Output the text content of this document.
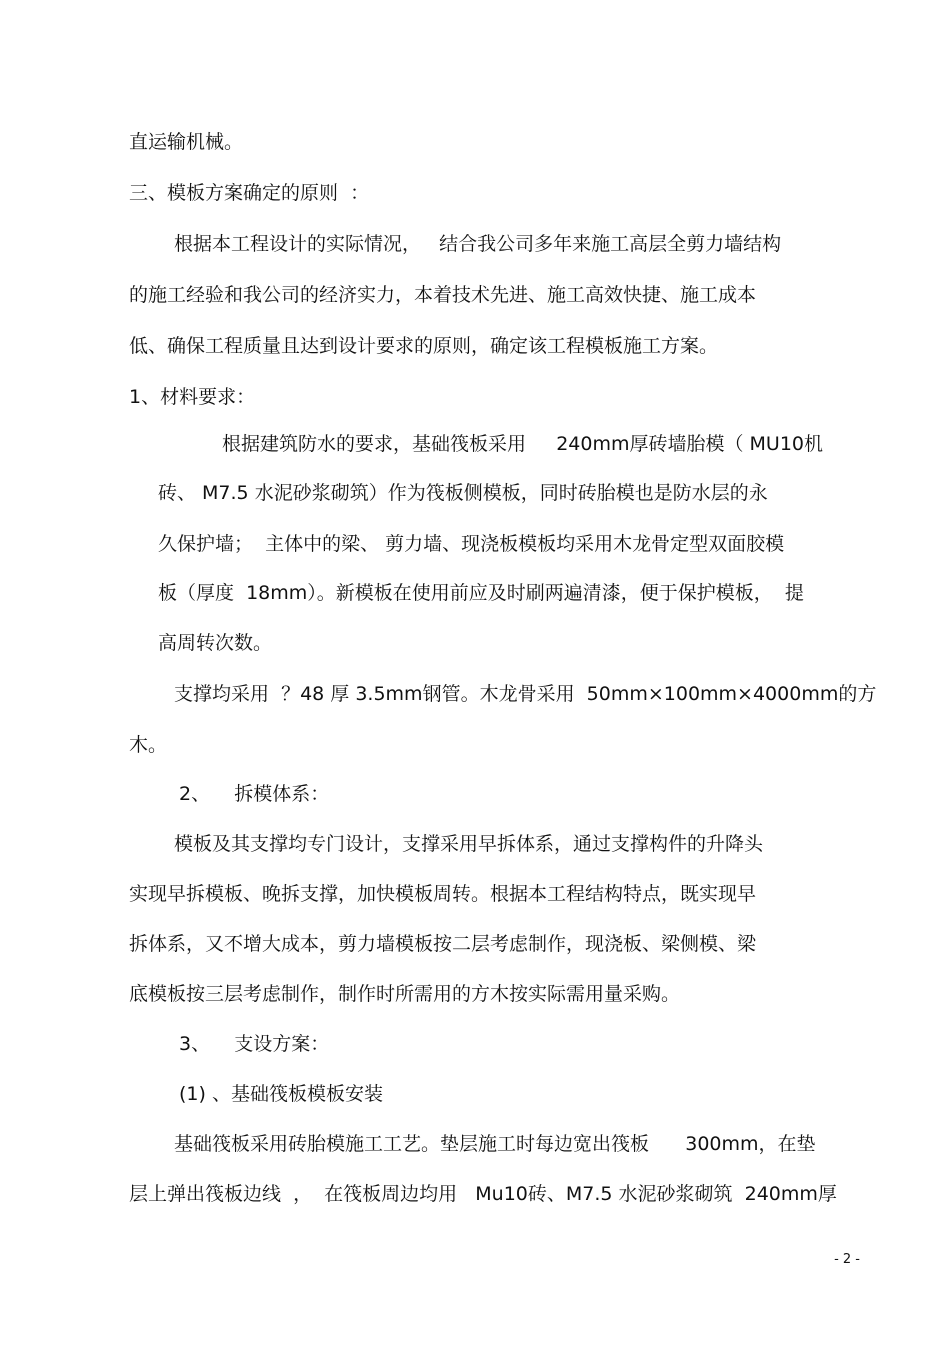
直运输机械。
三、模板方案确定的原则  ：
根据本工程设计的实际情况，   结合我公司多年来施工高层全剪力墙结构
的施工经验和我公司的经济实力，本着技术先进、施工高效快捷、施工成本
低、确保工程质量且达到设计要求的原则，确定该工程模板施工方案。
1、材料要求：
根据建筑防水的要求，基础筏板采用     240mm厚砖墙胎模（ MU10机
砖、 M7.5 水泥砂浆砌筑）作为筏板侧模板，同时砖胎模也是防水层的永
久保护墙；  主体中的梁、 剪力墙、现浇板模板均采用木龙骨定型双面胶模
板（厚度  18mm）。新模板在使用前应及时刷两遍清漆，便于保护模板，  提
高周转次数。
支撑均采用  ？48 厚 3.5mm钢管。木龙骨采用  50mm×100mm×4000mm的方
木。
2、    拆模体系：
模板及其支撑均专门设计，支撑采用早拆体系，通过支撑构件的升降头
实现早拆模板、晚拆支撑，加快模板周转。根据本工程结构特点，既实现早
拆体系，又不增大成本，剪力墙模板按二层考虑制作，现浇板、梁侧模、梁
底模板按三层考虑制作，制作时所需用的方木按实际需用量采购。
3、    支设方案：
(1) 、基础筏板模板安装
基础筏板采用砖胎模施工工艺。垫层施工时每边宽出筏板      300mm，在垫
层上弹出筏板边线  ，  在筏板周边均用   Mu10砖、M7.5 水泥砂浆砌筑  240mm厚
- 2 -
